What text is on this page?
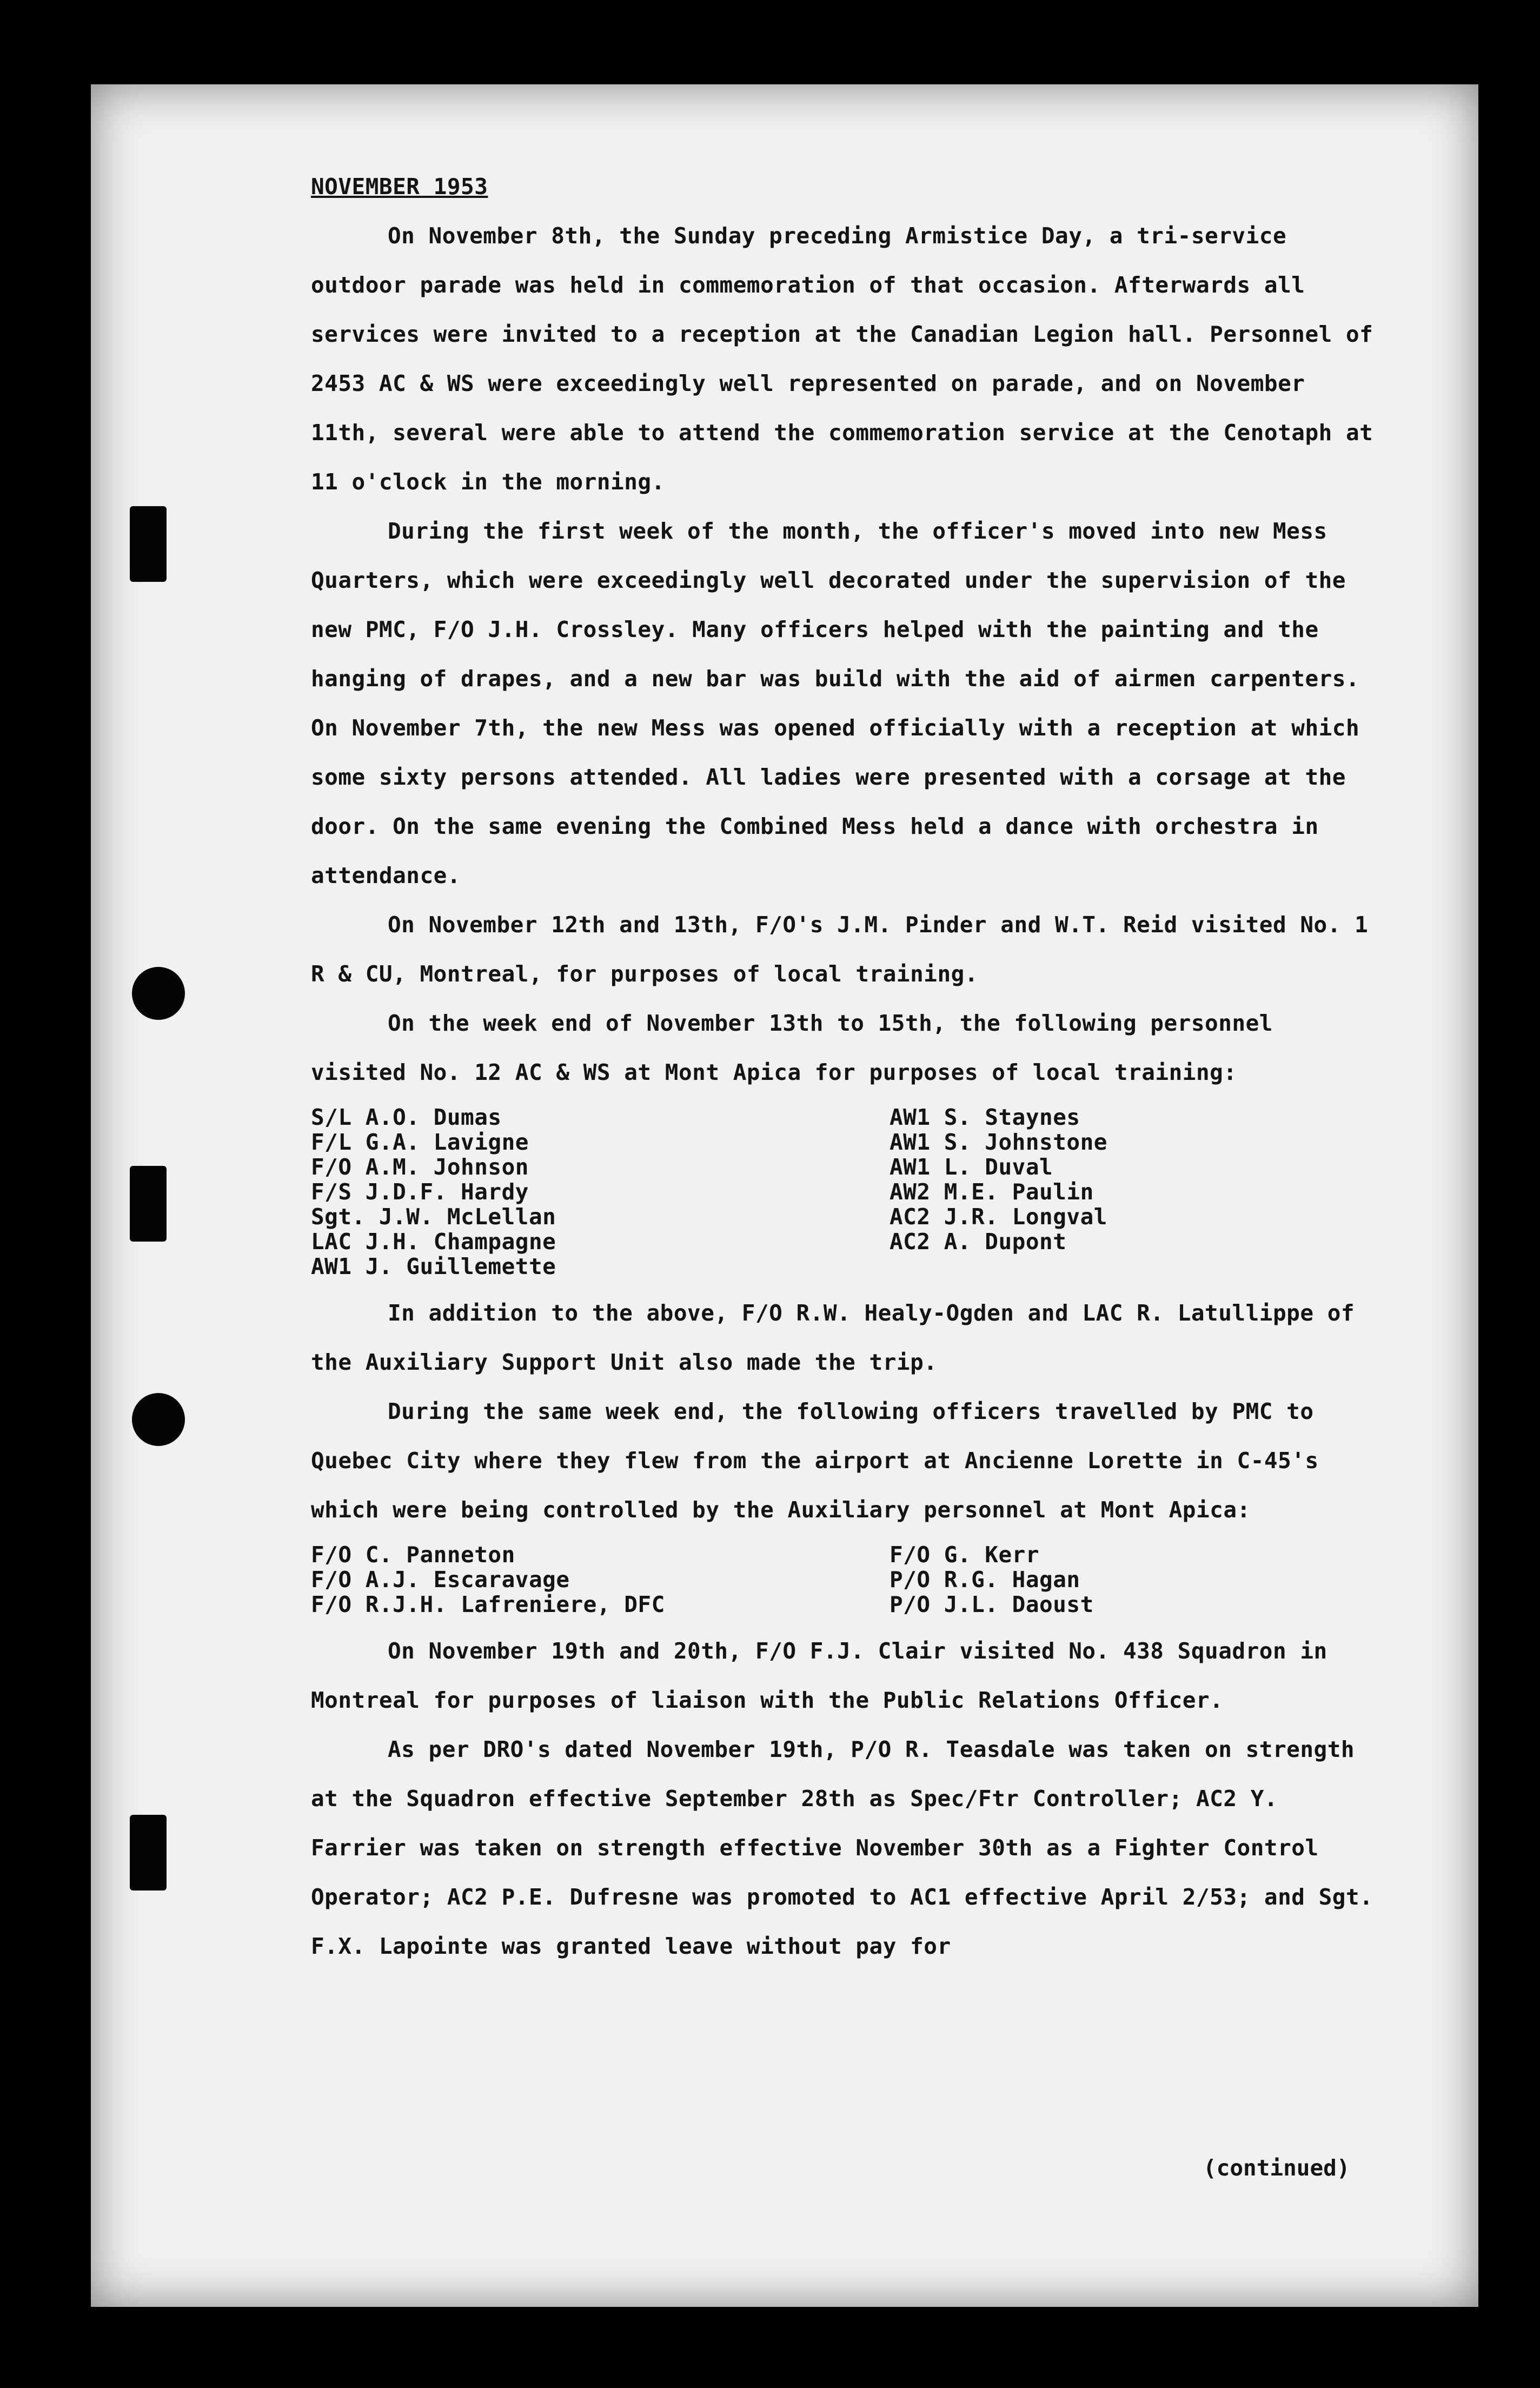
NOVEMBER 1953

On November 8th, the Sunday preceding Armistice Day, a tri-service outdoor parade was held in commemoration of that occasion. Afterwards all services were invited to a reception at the Canadian Legion hall. Personnel of 2453 AC & WS were exceedingly well represented on parade, and on November 11th, several were able to attend the commemoration service at the Cenotaph at 11 o'clock in the morning.

During the first week of the month, the officer's moved into new Mess Quarters, which were exceedingly well decorated under the supervision of the new PMC, F/O J.H. Crossley. Many officers helped with the painting and the hanging of drapes, and a new bar was build with the aid of airmen carpenters. On November 7th, the new Mess was opened officially with a reception at which some sixty persons attended. All ladies were presented with a corsage at the door. On the same evening the Combined Mess held a dance with orchestra in attendance.

On November 12th and 13th, F/O's J.M. Pinder and W.T. Reid visited No. 1 R & CU, Montreal, for purposes of local training.

On the week end of November 13th to 15th, the following personnel visited No. 12 AC & WS at Mont Apica for purposes of local training:

S/L A.O. Dumas
F/L G.A. Lavigne
F/O A.M. Johnson
F/S J.D.F. Hardy
Sgt. J.W. McLellan
LAC J.H. Champagne
AW1 J. Guillemette
AW1 S. Staynes
AW1 S. Johnstone
AW1 L. Duval
AW2 M.E. Paulin
AC2 J.R. Longval
AC2 A. Dupont

In addition to the above, F/O R.W. Healy-Ogden and LAC R. Latullippe of the Auxiliary Support Unit also made the trip.

During the same week end, the following officers travelled by PMC to Quebec City where they flew from the airport at Ancienne Lorette in C-45's which were being controlled by the Auxiliary personnel at Mont Apica:

F/O C. Panneton
F/O A.J. Escaravage
F/O R.J.H. Lafreniere, DFC
F/O G. Kerr
P/O R.G. Hagan
P/O J.L. Daoust

On November 19th and 20th, F/O F.J. Clair visited No. 438 Squadron in Montreal for purposes of liaison with the Public Relations Officer.

As per DRO's dated November 19th, P/O R. Teasdale was taken on strength at the Squadron effective September 28th as Spec/Ftr Controller; AC2 Y. Farrier was taken on strength effective November 30th as a Fighter Control Operator; AC2 P.E. Dufresne was promoted to AC1 effective April 2/53; and Sgt. F.X. Lapointe was granted leave without pay for

(continued)
